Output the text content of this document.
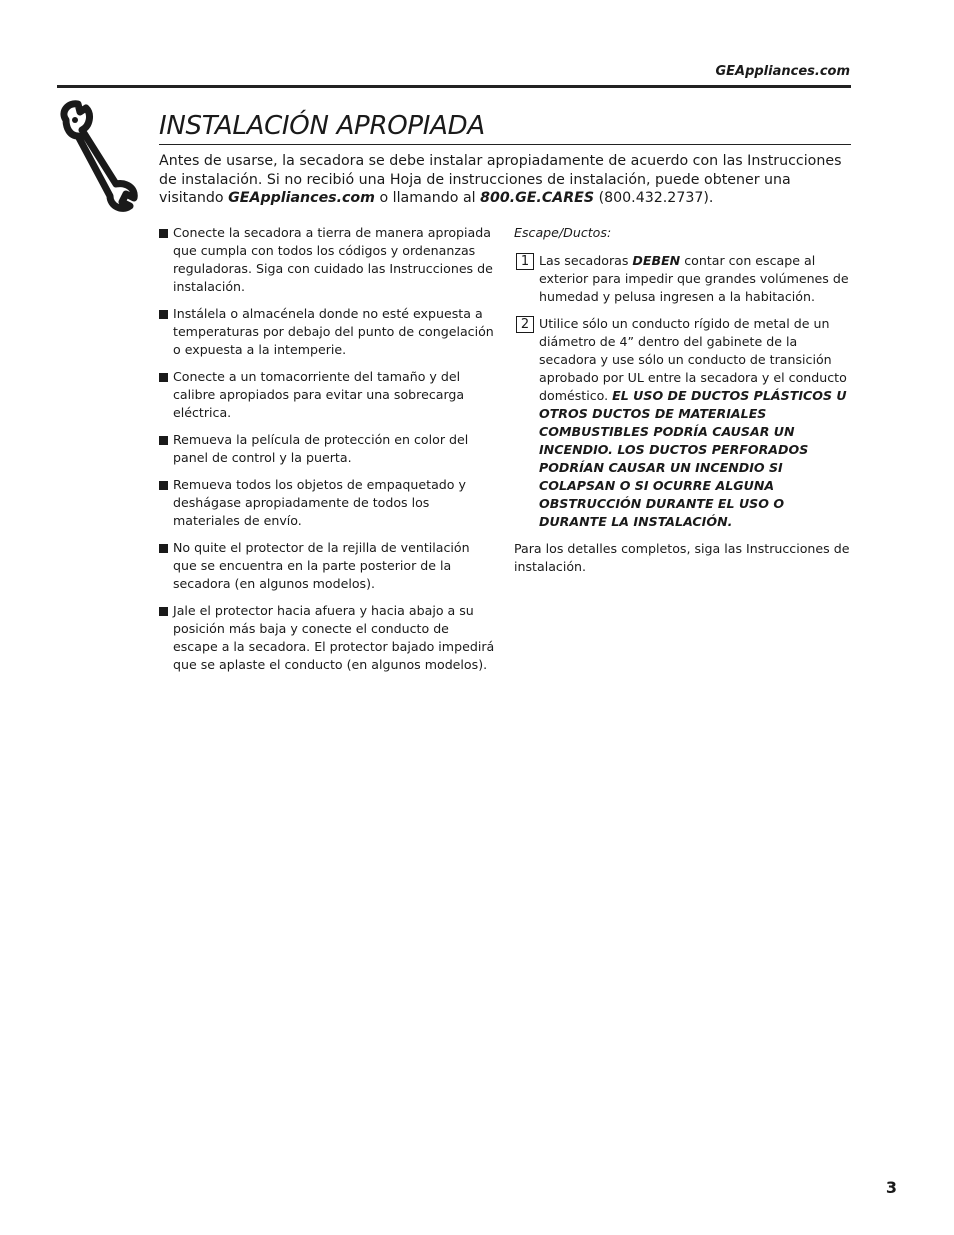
GEAppliances.com
INSTALACIÓN APROPIADA
Antes de usarse, la secadora se debe instalar apropiadamente de acuerdo con las Instrucciones de instalación. Si no recibió una Hoja de instrucciones de instalación, puede obtener una visitando GEAppliances.com o llamando al 800.GE.CARES (800.432.2737).
Conecte la secadora a tierra de manera apropiada que cumpla con todos los códigos y ordenanzas reguladoras. Siga con cuidado las Instrucciones de instalación.
Instálela o almacénela donde no esté expuesta a temperaturas por debajo del punto de congelación o expuesta a la intemperie.
Conecte a un tomacorriente del tamaño y del calibre apropiados para evitar una sobrecarga eléctrica.
Remueva la película de protección en color del panel de control y la puerta.
Remueva todos los objetos de empaquetado y deshágase apropiadamente de todos los materiales de envío.
No quite el protector de la rejilla de ventilación que se encuentra en la parte posterior de la secadora (en algunos modelos).
Jale el protector hacia afuera y hacia abajo a su posición más baja y conecte el conducto de escape a la secadora. El protector bajado impedirá que se aplaste el conducto (en algunos modelos).
Escape/Ductos:
1 Las secadoras DEBEN contar con escape al exterior para impedir que grandes volúmenes de humedad y pelusa ingresen a la habitación.
2 Utilice sólo un conducto rígido de metal de un diámetro de 4” dentro del gabinete de la secadora y use sólo un conducto de transición aprobado por UL entre la secadora y el conducto doméstico. EL USO DE DUCTOS PLÁSTICOS U OTROS DUCTOS DE MATERIALES COMBUSTIBLES PODRÍA CAUSAR UN INCENDIO. LOS DUCTOS PERFORADOS PODRÍAN CAUSAR UN INCENDIO SI COLAPSAN O SI OCURRE ALGUNA OBSTRUCCIÓN DURANTE EL USO O DURANTE LA INSTALACIÓN.
Para los detalles completos, siga las Instrucciones de instalación.
3
